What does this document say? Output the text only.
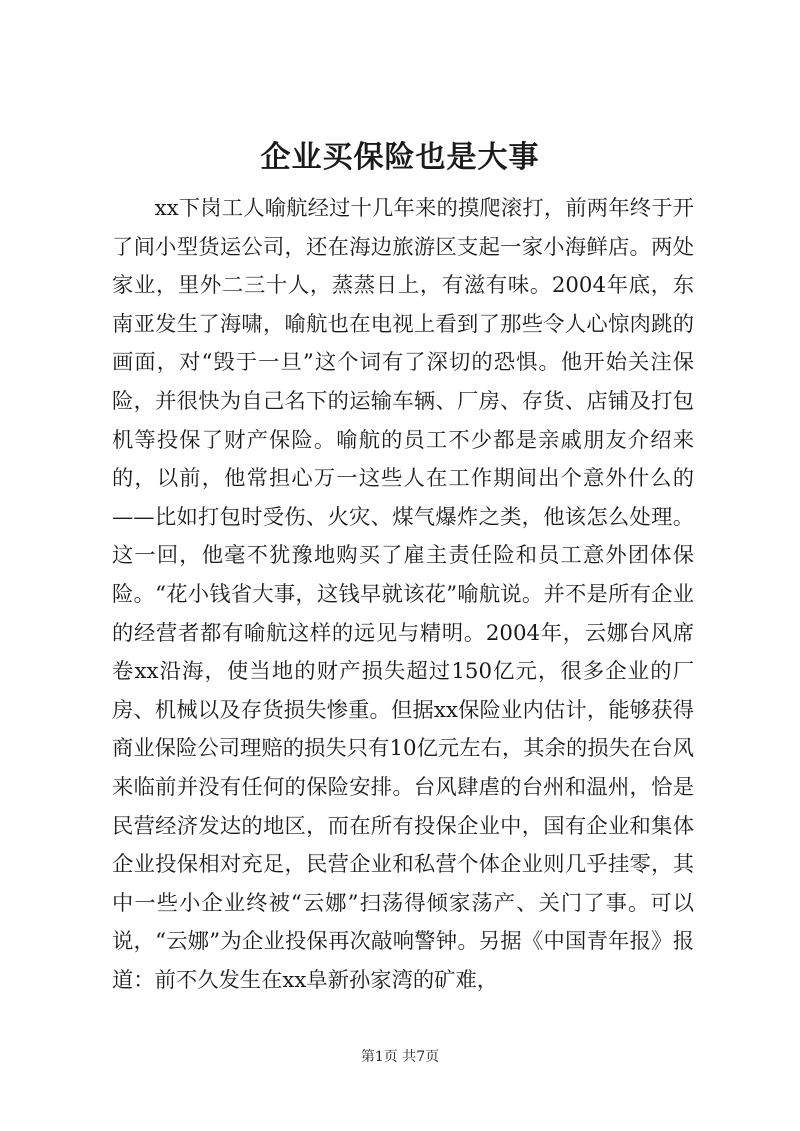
企业买保险也是大事

xx下岗工人喻航经过十几年来的摸爬滚打，前两年终于开了间小型货运公司，还在海边旅游区支起一家小海鲜店。两处家业，里外二三十人，蒸蒸日上，有滋有味。2004年底，东南亚发生了海啸，喻航也在电视上看到了那些令人心惊肉跳的画面，对“毁于一旦”这个词有了深切的恐惧。他开始关注保险，并很快为自己名下的运输车辆、厂房、存货、店铺及打包机等投保了财产保险。喻航的员工不少都是亲戚朋友介绍来的，以前，他常担心万一这些人在工作期间出个意外什么的——比如打包时受伤、火灾、煤气爆炸之类，他该怎么处理。这一回，他毫不犹豫地购买了雇主责任险和员工意外团体保险。“花小钱省大事，这钱早就该花”喻航说。并不是所有企业的经营者都有喻航这样的远见与精明。2004年，云娜台风席卷xx沿海，使当地的财产损失超过150亿元，很多企业的厂房、机械以及存货损失惨重。但据xx保险业内估计，能够获得商业保险公司理赔的损失只有10亿元左右，其余的损失在台风来临前并没有任何的保险安排。台风肆虐的台州和温州，恰是民营经济发达的地区，而在所有投保企业中，国有企业和集体企业投保相对充足，民营企业和私营个体企业则几乎挂零，其中一些小企业终被“云娜”扫荡得倾家荡产、关门了事。可以说，“云娜”为企业投保再次敲响警钟。另据《中国青年报》报道：前不久发生在xx阜新孙家湾的矿难，

第1页 共7页
